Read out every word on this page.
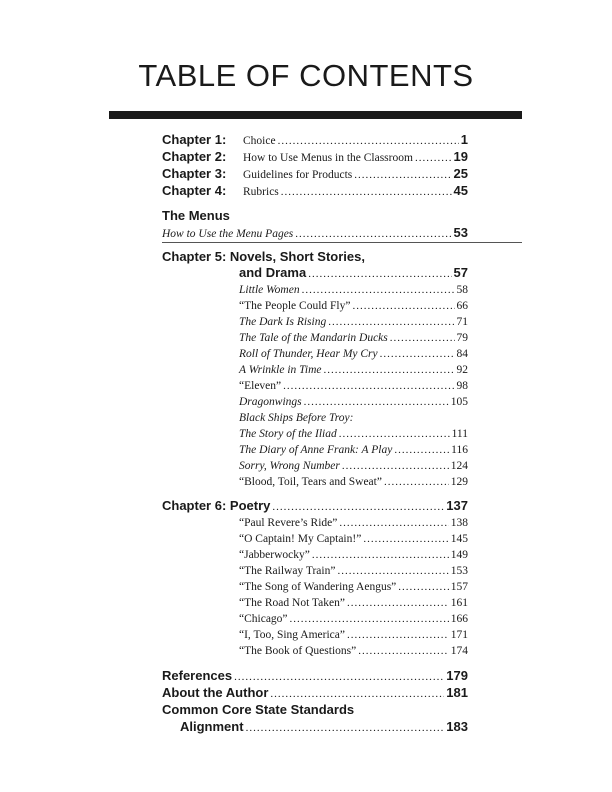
TABLE OF CONTENTS
Chapter 1:	Choice .....	1
Chapter 2:	How to Use Menus in the Classroom .....	19
Chapter 3:	Guidelines for Products .....	25
Chapter 4:	Rubrics .....	45
The Menus
How to Use the Menu Pages .....	53
Chapter 5: Novels, Short Stories,
and Drama .....	57
Little Women .....	58
“The People Could Fly” .....	66
The Dark Is Rising .....	71
The Tale of the Mandarin Ducks .....	79
Roll of Thunder, Hear My Cry .....	84
A Wrinkle in Time .....	92
“Eleven” .....	98
Dragonwings .....	105
Black Ships Before Troy:
The Story of the Iliad .....	111
The Diary of Anne Frank: A Play .....	116
Sorry, Wrong Number .....	124
“Blood, Toil, Tears and Sweat” .....	129
Chapter 6: Poetry .....	137
“Paul Revere’s Ride” .....	138
“O Captain! My Captain!” .....	145
“Jabberwocky” .....	149
“The Railway Train” .....	153
“The Song of Wandering Aengus” .....	157
“The Road Not Taken” .....	161
“Chicago” .....	166
“I, Too, Sing America” .....	171
“The Book of Questions” .....	174
References .....	179
About the Author .....	181
Common Core State Standards
Alignment .....	183
